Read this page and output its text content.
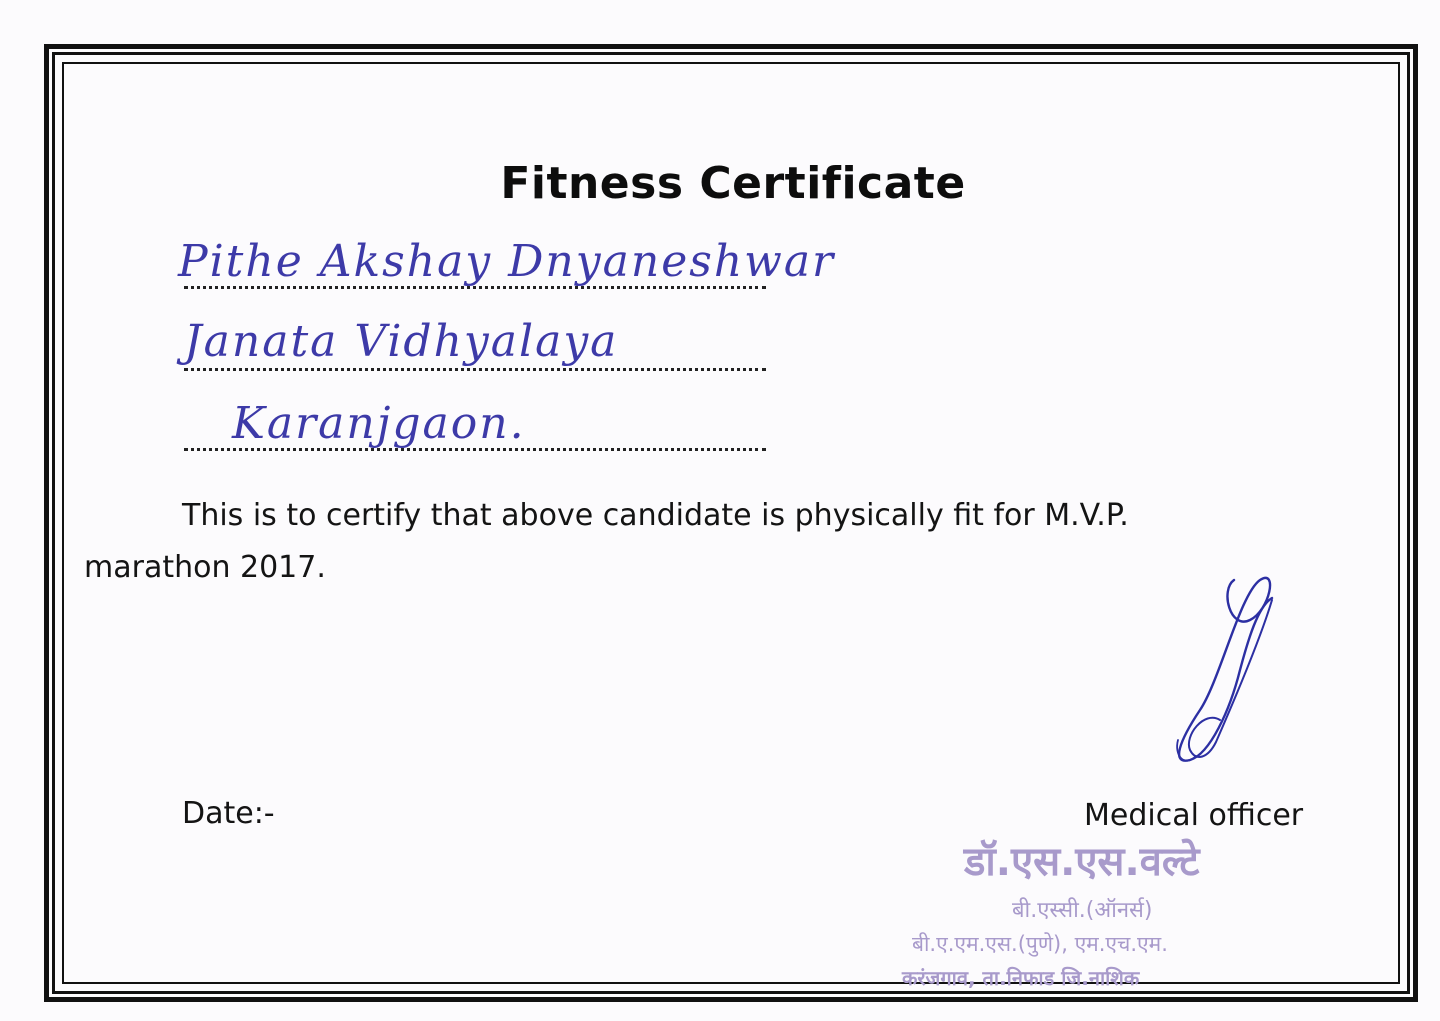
Fitness Certificate
Pithe Akshay Dnyaneshwar
Janata Vidhyalaya
Karanjgaon.
This is to certify that above candidate is physically fit for M.V.P.
marathon 2017.
Date:-	Medical officer
डॉ.एस.एस.वल्टे
बी.एस्सी.(ऑनर्स)
बी.ए.एम.एस.(पुणे), एम.एच.एम.
करंजगाव, ता.निफाड जि.नाशिक
